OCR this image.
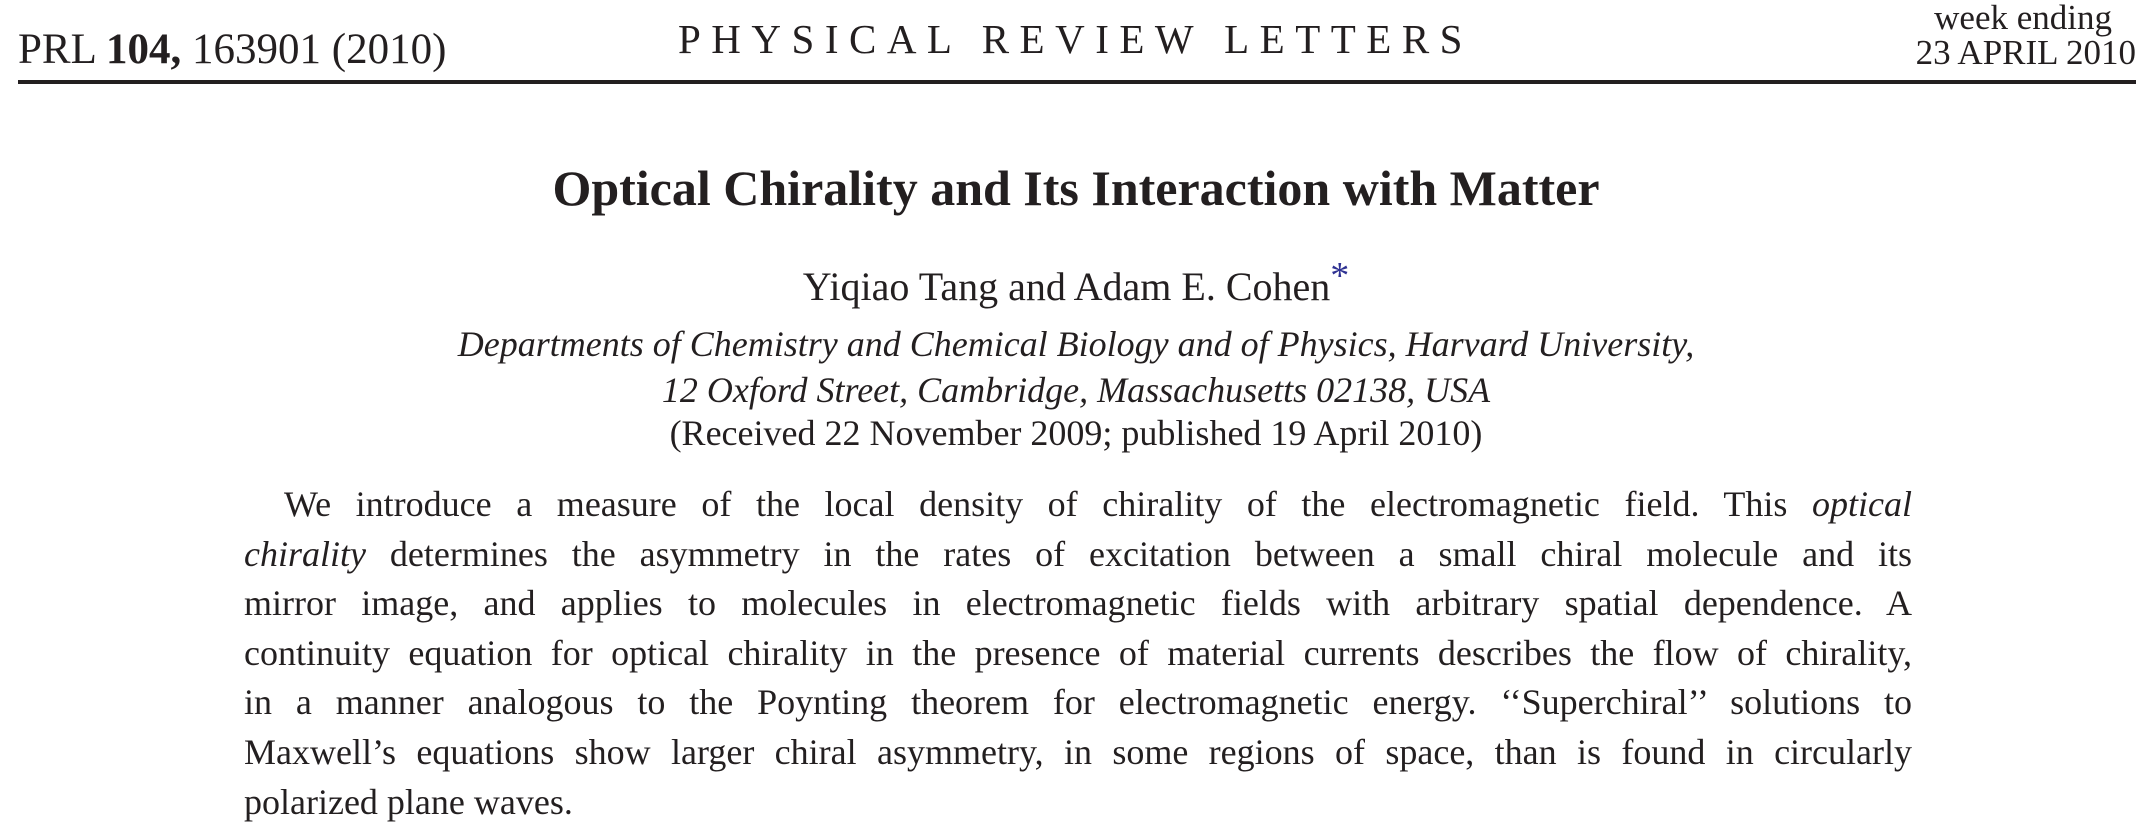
PRL 104, 163901 (2010)	PHYSICAL REVIEW LETTERS	week ending
23 APRIL 2010
Optical Chirality and Its Interaction with Matter
Yiqiao Tang and Adam E. Cohen*
Departments of Chemistry and Chemical Biology and of Physics, Harvard University,
12 Oxford Street, Cambridge, Massachusetts 02138, USA
(Received 22 November 2009; published 19 April 2010)
We introduce a measure of the local density of chirality of the electromagnetic field. This optical
chirality determines the asymmetry in the rates of excitation between a small chiral molecule and its
mirror image, and applies to molecules in electromagnetic fields with arbitrary spatial dependence. A
continuity equation for optical chirality in the presence of material currents describes the flow of chirality,
in a manner analogous to the Poynting theorem for electromagnetic energy. ‘‘Superchiral’’ solutions to
Maxwell’s equations show larger chiral asymmetry, in some regions of space, than is found in circularly
polarized plane waves.
